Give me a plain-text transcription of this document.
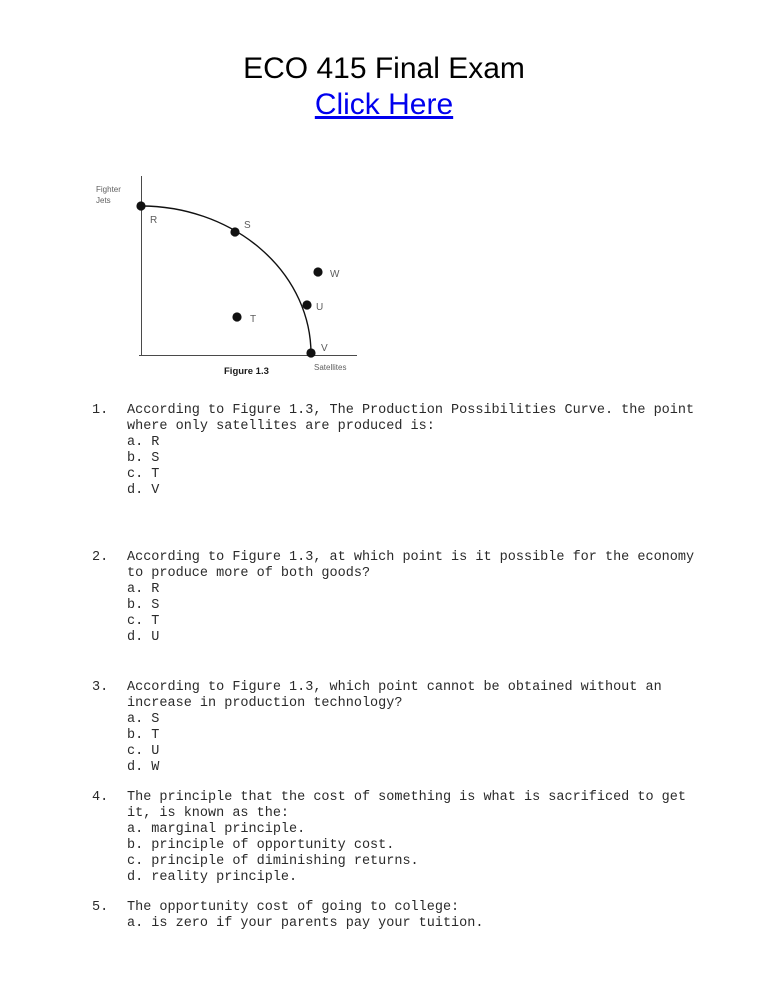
ECO 415 Final Exam
Click Here
Fighter
Jets
Satellites
R	S
T
U
W
V
Figure 1.3
1.	According to Figure 1.3, The Production Possibilities Curve. the point
where only satellites are produced is:
a. R
b. S
c. T
d. V
2.	According to Figure 1.3, at which point is it possible for the economy
to produce more of both goods?
a. R
b. S
c. T
d. U
3.	According to Figure 1.3, which point cannot be obtained without an
increase in production technology?
a. S
b. T
c. U
d. W
4.	The principle that the cost of something is what is sacrificed to get
it, is known as the:
a. marginal principle.
b. principle of opportunity cost.
c. principle of diminishing returns.
d. reality principle.
5.	The opportunity cost of going to college:
a. is zero if your parents pay your tuition.
